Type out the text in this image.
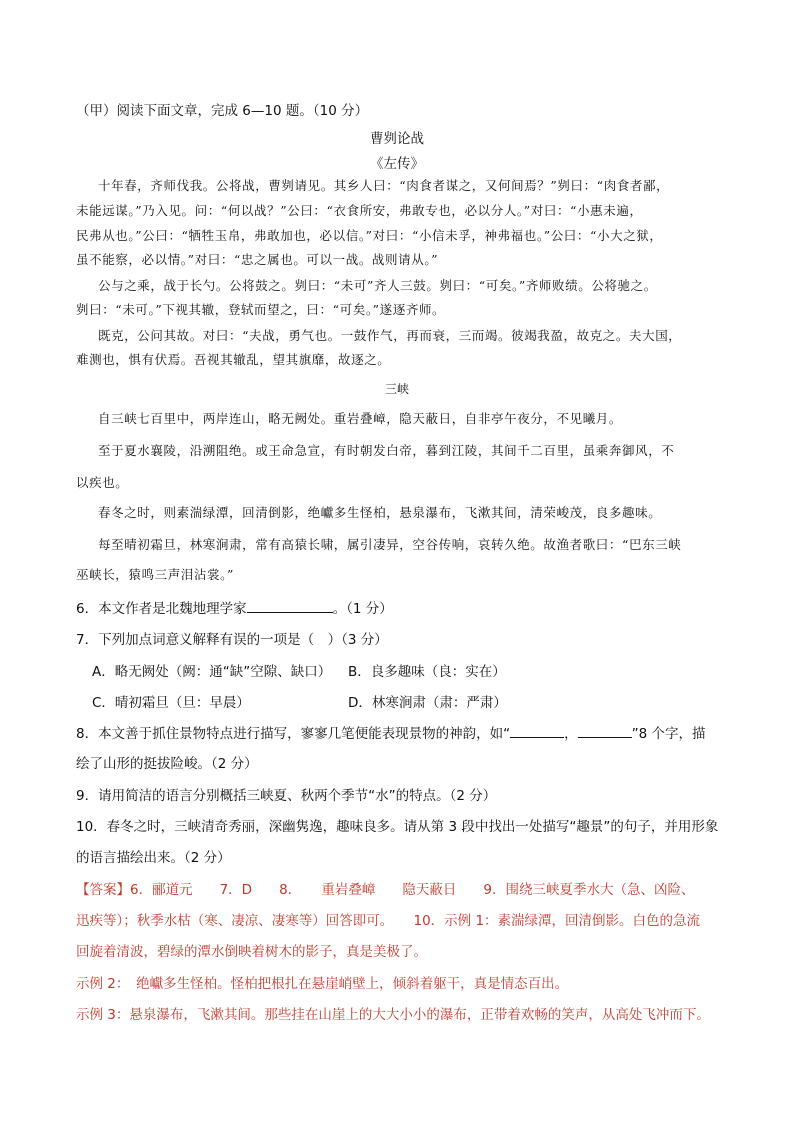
（甲）阅读下面文章，完成 6—10 题。（10 分）
曹刿论战
《左传》
十年春，齐师伐我。公将战，曹刿请见。其乡人曰：“肉食者谋之，又何间焉？”刿曰：“肉食者鄙，
未能远谋。”乃入见。问：“何以战？”公曰：“衣食所安，弗敢专也，必以分人。”对曰：“小惠未遍，
民弗从也。”公曰：“牺牲玉帛，弗敢加也，必以信。”对曰：“小信未孚，神弗福也。”公曰：“小大之狱，
虽不能察，必以情。”对曰：“忠之属也。可以一战。战则请从。”
公与之乘，战于长勺。公将鼓之。刿曰：“未可”齐人三鼓。刿曰：“可矣。”齐师败绩。公将驰之。
刿曰：“未可。”下视其辙，登轼而望之，曰：“可矣。”遂逐齐师。
既克，公问其故。对曰：“夫战，勇气也。一鼓作气，再而衰，三而竭。彼竭我盈，故克之。夫大国，
难测也，惧有伏焉。吾视其辙乱，望其旗靡，故逐之。
三峡
自三峡七百里中，两岸连山，略无阙处。重岩叠嶂，隐天蔽日，自非亭午夜分，不见曦月。
至于夏水襄陵，沿溯阻绝。或王命急宣，有时朝发白帝，暮到江陵，其间千二百里，虽乘奔御风，不
以疾也。
春冬之时，则素湍绿潭，回清倒影，绝巘多生怪柏，悬泉瀑布，飞漱其间，清荣峻茂，良多趣味。
每至晴初霜旦，林寒涧肃，常有高猿长啸，属引凄异，空谷传响，哀转久绝。故渔者歌曰：“巴东三峡
巫峡长，猿鸣三声泪沾裳。”
6．本文作者是北魏地理学家	。（1 分）
7．下列加点词意义解释有误的一项是（　）（3 分）
A．略无阙处（阙：通“缺”空隙、缺口） B．良多趣味（良：实在）
C．晴初霜旦（旦：早晨）	D．林寒涧肃（肃：严肃）
8．本文善于抓住景物特点进行描写，寥寥几笔便能表现景物的神韵，如“	，	”8 个字，描
绘了山形的挺拔险峻。（2 分）
9．请用简洁的语言分别概括三峡夏、秋两个季节“水”的特点。（2 分）
10．春冬之时，三峡清奇秀丽，深幽隽逸，趣味良多。请从第 3 段中找出一处描写“趣景”的句子，并用形象
的语言描绘出来。（2 分）
【答案】6．郦道元　　7．D　　8．　　重岩叠嶂　　隐天蔽日　　9．围绕三峡夏季水大（急、凶险、
迅疾等）；秋季水枯（寒、凄凉、凄寒等）回答即可。　　10．示例 1：素湍绿潭，回清倒影。白色的急流
回旋着清波，碧绿的潭水倒映着树木的影子，真是美极了。
示例 2：　绝巘多生怪柏。怪柏把根扎在悬崖峭壁上，倾斜着躯干，真是情态百出。
示例 3：悬泉瀑布，飞漱其间。那些挂在山崖上的大大小小的瀑布，正带着欢畅的笑声，从高处飞冲而下。
